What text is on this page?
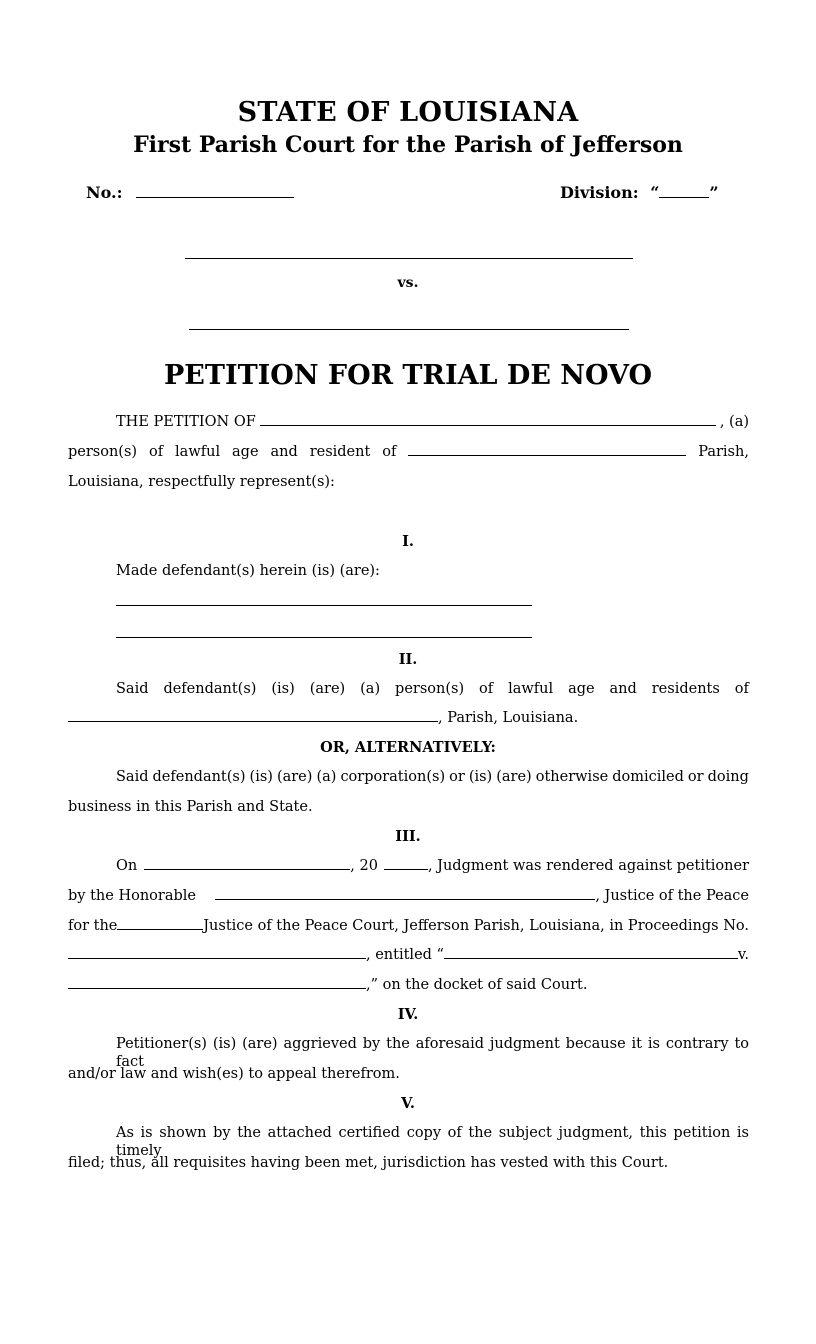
STATE OF LOUISIANA
First Parish Court for the Parish of Jefferson
No.:	Division: “	”
vs.
PETITION FOR TRIAL DE NOVO
THE PETITION OF	, (a)
person(s) of lawful age and resident of	Parish,
Louisiana, respectfully represent(s):
I.
Made defendant(s) herein (is) (are):
II.
Said defendant(s) (is) (are) (a) person(s) of lawful age and residents of
, Parish, Louisiana.
OR, ALTERNATIVELY:
Said defendant(s) (is) (are) (a) corporation(s) or (is) (are) otherwise domiciled or doing
business in this Parish and State.
III.
On	, 20	, Judgment was rendered against petitioner
by the Honorable	, Justice of the Peace
for the	Justice of the Peace Court, Jefferson Parish, Louisiana, in Proceedings No.
, entitled “	v.
,” on the docket of said Court.
IV.
Petitioner(s) (is) (are) aggrieved by the aforesaid judgment because it is contrary to fact
and/or law and wish(es) to appeal therefrom.
V.
As is shown by the attached certified copy of the subject judgment, this petition is timely
filed; thus, all requisites having been met, jurisdiction has vested with this Court.
